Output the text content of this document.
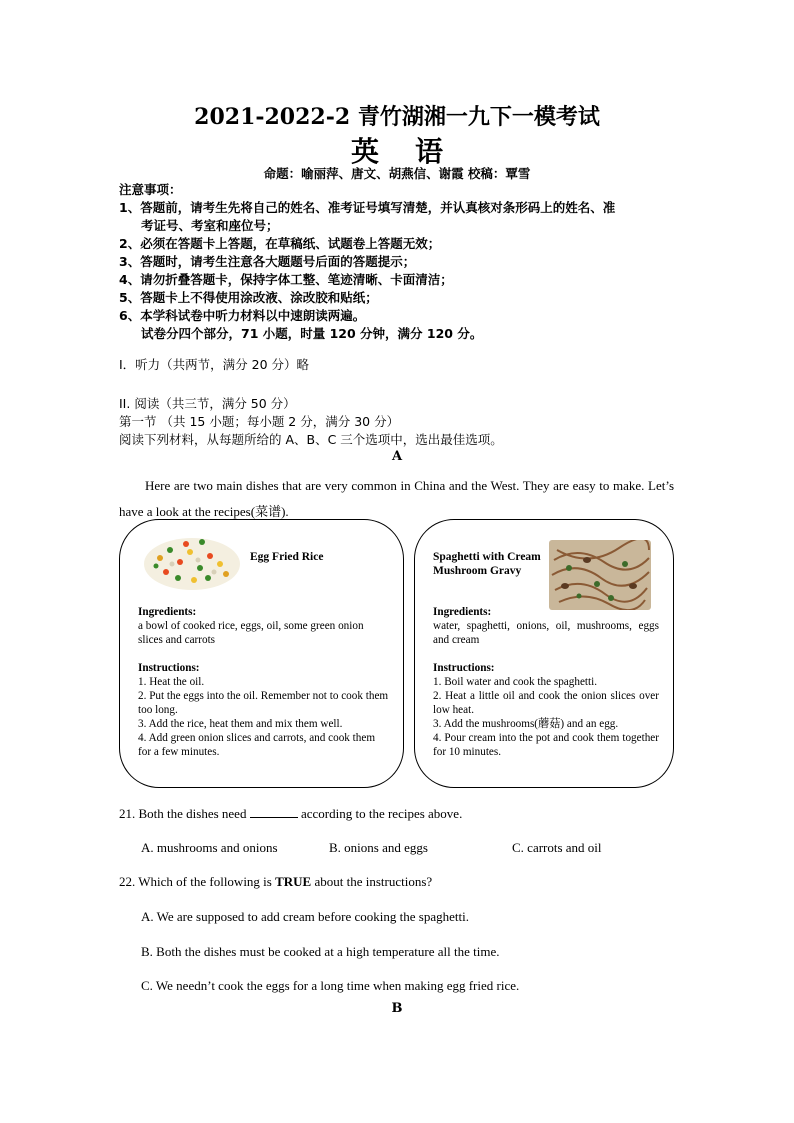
2021-2022-2 青竹湖湘一九下一模考试
英语
命题：喻丽萍、唐文、胡燕信、谢霞 校稿：覃雪
注意事项：
1、答题前，请考生先将自己的姓名、准考证号填写清楚，并认真核对条形码上的姓名、准
考证号、考室和座位号；
2、必须在答题卡上答题，在草稿纸、试题卷上答题无效；
3、答题时，请考生注意各大题题号后面的答题提示；
4、请勿折叠答题卡，保持字体工整、笔迹清晰、卡面清洁；
5、答题卡上不得使用涂改液、涂改胶和贴纸；
6、本学科试卷中听力材料以中速朗读两遍。
试卷分四个部分，71 小题，时量 120 分钟，满分 120 分。
I．听力（共两节，满分 20 分）略
II. 阅读（共三节，满分 50 分）
第一节 （共 15 小题；每小题 2 分，满分 30 分）
阅读下列材料，从每题所给的 A、B、C 三个选项中，选出最佳选项。
A
Here are two main dishes that are very common in China and the West. They are easy to make. Let’s have a look at the recipes(菜谱).
Egg Fried Rice
Ingredients:
a bowl of cooked rice, eggs, oil, some green onion slices and carrots
Instructions:
1. Heat the oil.
2. Put the eggs into the oil. Remember not to cook them too long.
3. Add the rice, heat them and mix them well.
4. Add green onion slices and carrots, and cook them for a few minutes.
Spaghetti with Cream
Mushroom Gravy
Ingredients:
water, spaghetti, onions, oil, mushrooms, eggs and cream
Instructions:
1. Boil water and cook the spaghetti.
2. Heat a little oil and cook the onion slices over low heat.
3. Add the mushrooms(蘑菇) and an egg.
4. Pour cream into the pot and cook them together for 10 minutes.
21. Both the dishes need	according to the recipes above.
A. mushrooms and onions	B. onions and eggs	C. carrots and oil
22. Which of the following is TRUE about the instructions?
A. We are supposed to add cream before cooking the spaghetti.
B. Both the dishes must be cooked at a high temperature all the time.
C. We needn’t cook the eggs for a long time when making egg fried rice.
B
